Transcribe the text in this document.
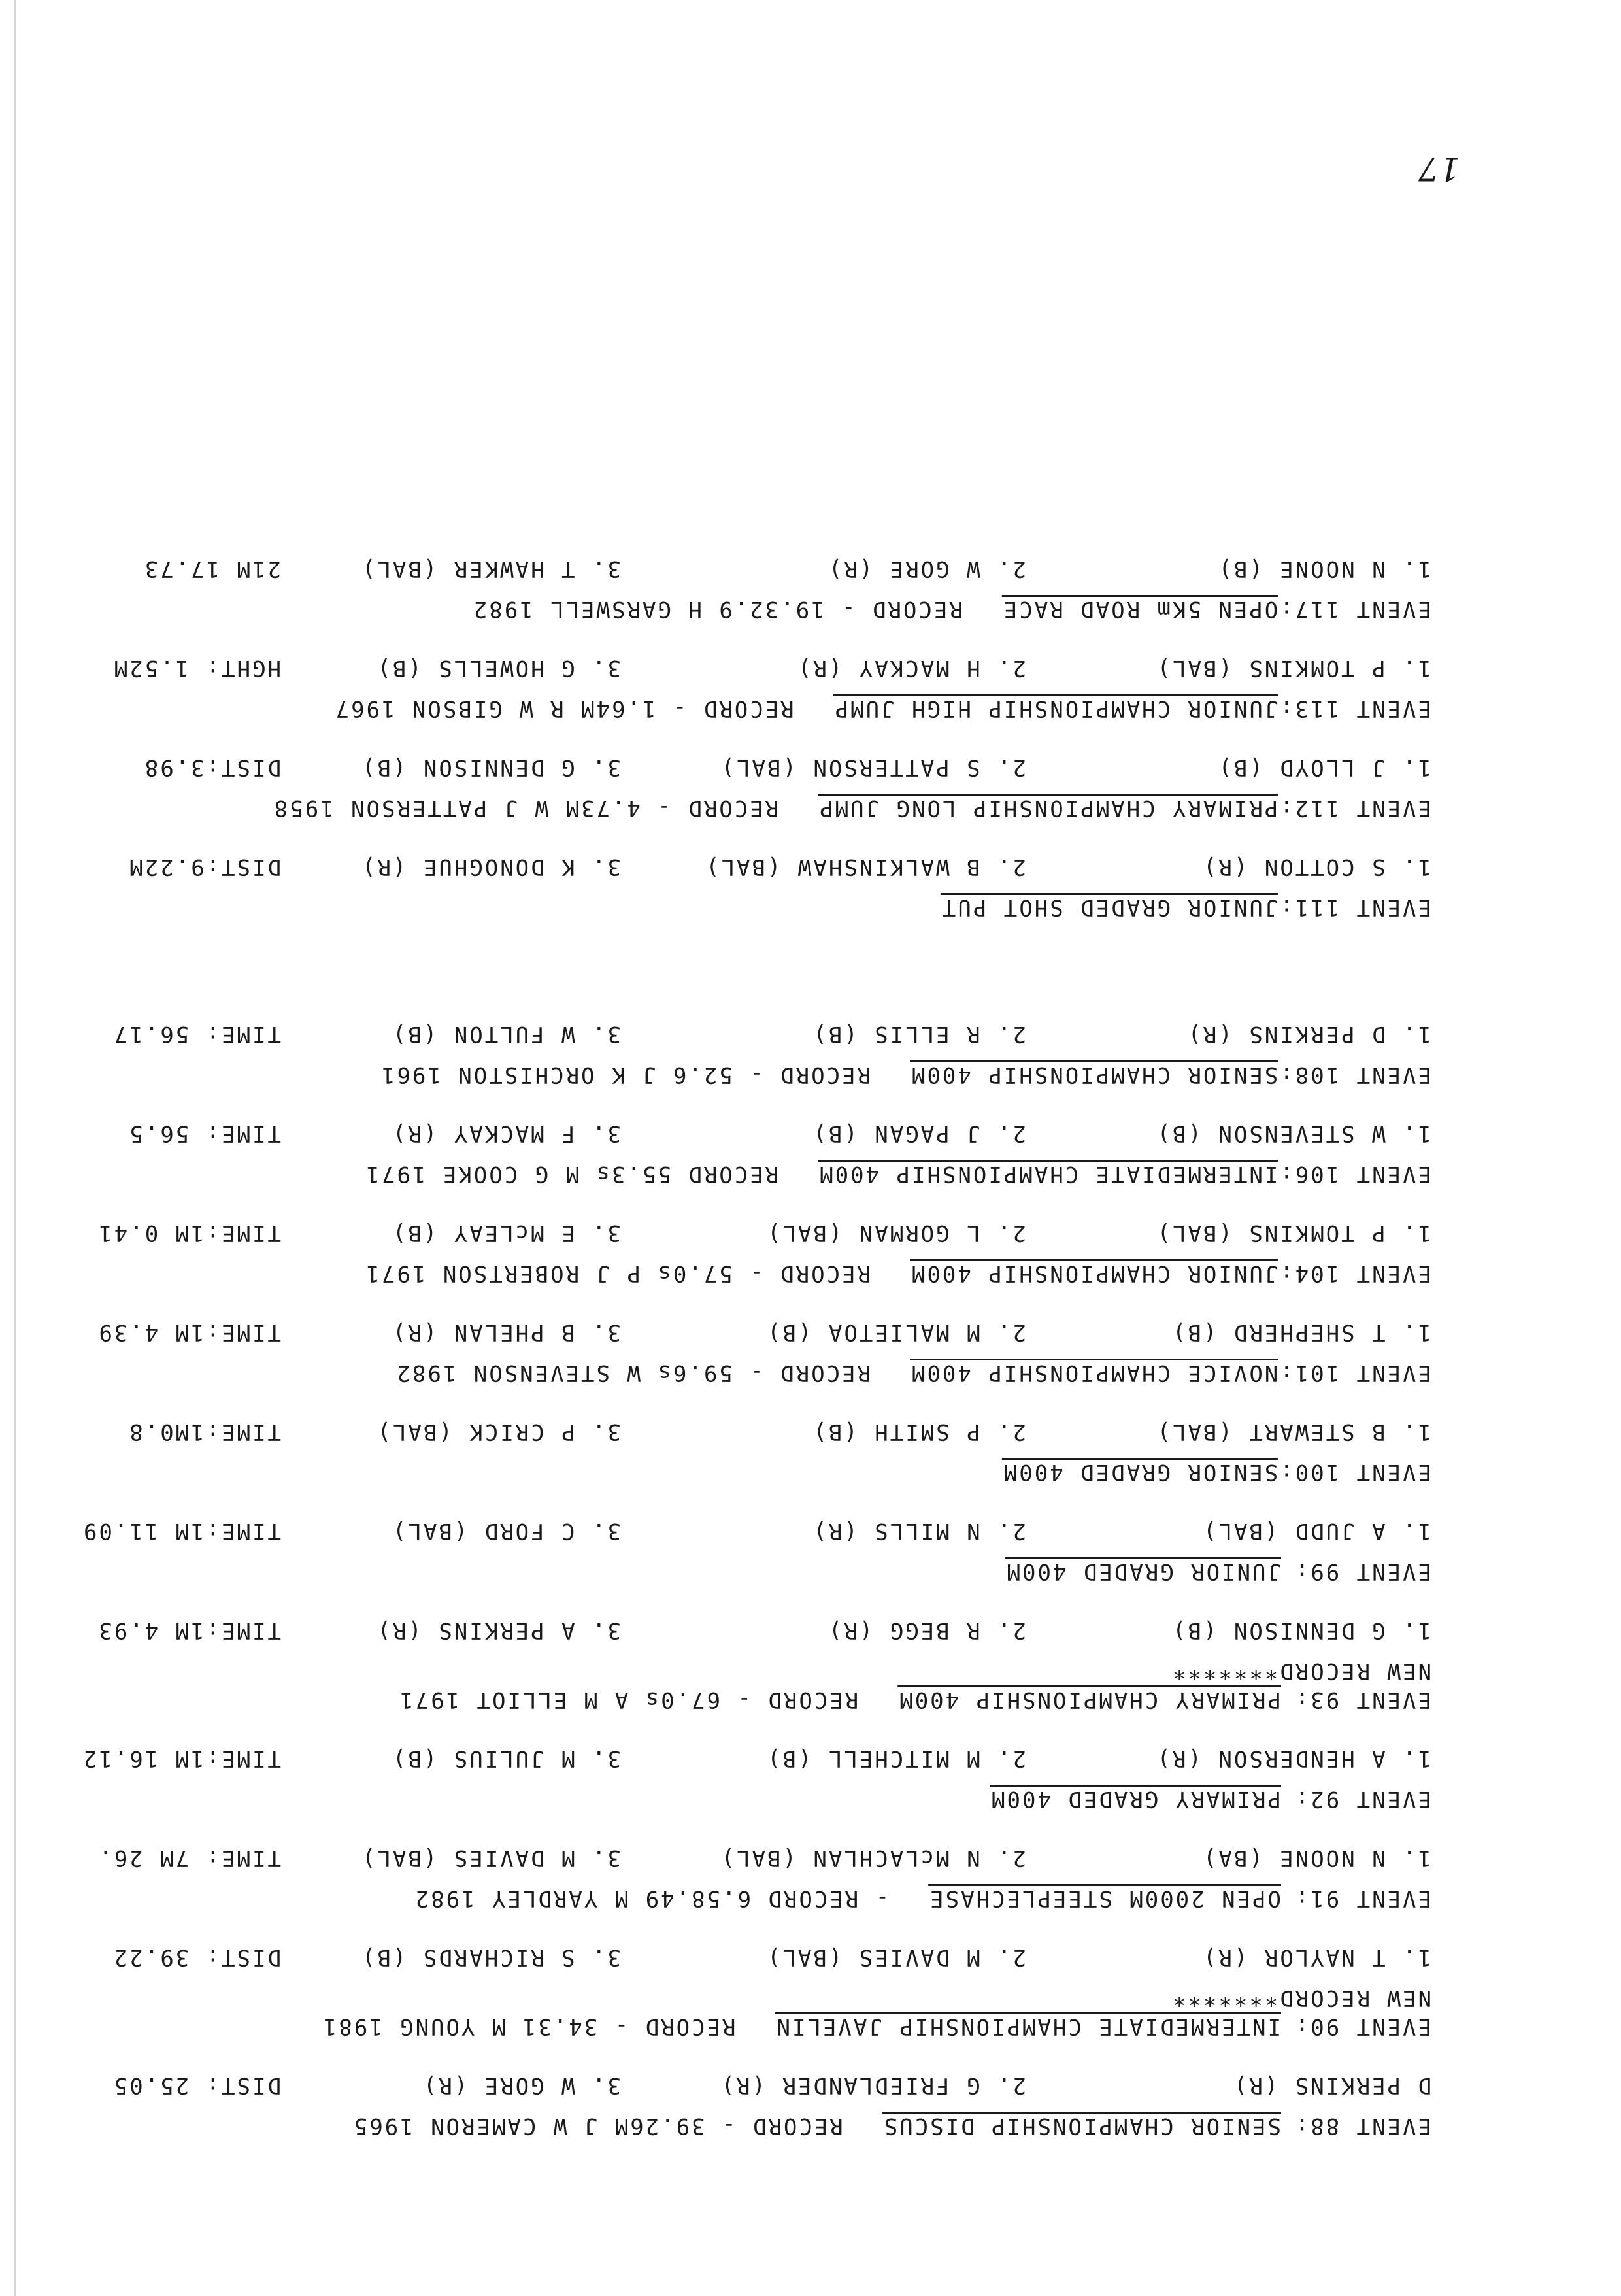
17
EVENT 88:SENIOR CHAMPIONSHIP DISCUSRECORD - 39.26M J W CAMERON 1965
D PERKINS (R)2. G FRIEDLANDER (R)3. W GORE (R)DIST: 25.05
EVENT 90:INTERMEDIATE CHAMPIONSHIP JAVELINRECORD - 34.31 M YOUNG 1981
NEW RECORD*******
1. T NAYLOR (R)2. M DAVIES (BAL)3. S RICHARDS (B)DIST: 39.22
EVENT 91:OPEN 2000M STEEPLECHASE- RECORD 6.58.49 M YARDLEY 1982
1. N NOONE (BA)2. N McLACHLAN (BAL)3. M DAVIES (BAL)TIME: 7M 26.
EVENT 92:PRIMARY GRADED 400M
1. A HENDERSON (R)2. M MITCHELL (B)3. M JULIUS (B)TIME:1M 16.12
EVENT 93:PRIMARY CHAMPIONSHIP 400MRECORD - 67.0s A M ELLIOT 1971
NEW RECORD*******
1. G DENNISON (B)2. R BEGG (R)3. A PERKINS (R)TIME:1M 4.93
EVENT 99:JUNIOR GRADED 400M
1. A JUDD (BAL)2. N MILLS (R)3. C FORD (BAL)TIME:1M 11.09
EVENT 100:SENIOR GRADED 400M
1. B STEWART (BAL)2. P SMITH (B)3. P CRICK (BAL)TIME:1M0.8
EVENT 101:NOVICE CHAMPIONSHIP 400MRECORD - 59.6s W STEVENSON 1982
1. T SHEPHERD (B)2. M MALIETOA (B)3. B PHELAN (R)TIME:1M 4.39
EVENT 104:JUNIOR CHAMPIONSHIP 400MRECORD - 57.0s P J ROBERTSON 1971
1. P TOMKINS (BAL)2. L GORMAN (BAL)3. E McLEAY (B)TIME:1M 0.41
EVENT 106:INTERMEDIATE CHAMPIONSHIP 400MRECORD 55.3s M G COOKE 1971
1. W STEVENSON (B)2. J PAGAN (B)3. F MACKAY (R)TIME: 56.5
EVENT 108:SENIOR CHAMPIONSHIP 400MRECORD - 52.6 J K ORCHISTON 1961
1. D PERKINS (R)2. R ELLIS (B)3. W FULTON (B)TIME: 56.17
EVENT 111:JUNIOR GRADED SHOT PUT
1. S COTTON (R)2. B WALKINSHAW (BAL)3. K DONOGHUE (R)DIST:9.22M
EVENT 112:PRIMARY CHAMPIONSHIP LONG JUMPRECORD - 4.73M W J PATTERSON 1958
1. J LLOYD (B)2. S PATTERSON (BAL)3. G DENNISON (B)DIST:3.98
EVENT 113:JUNIOR CHAMPIONSHIP HIGH JUMPRECORD - 1.64M R W GIBSON 1967
1. P TOMKINS (BAL)2. H MACKAY (R)3. G HOWELLS (B)HGHT: 1.52M
EVENT 117:OPEN 5Km ROAD RACERECORD - 19.32.9 H GARSWELL 1982
1. N NOONE (B)2. W GORE (R)3. T HAWKER (BAL)21M 17.73
